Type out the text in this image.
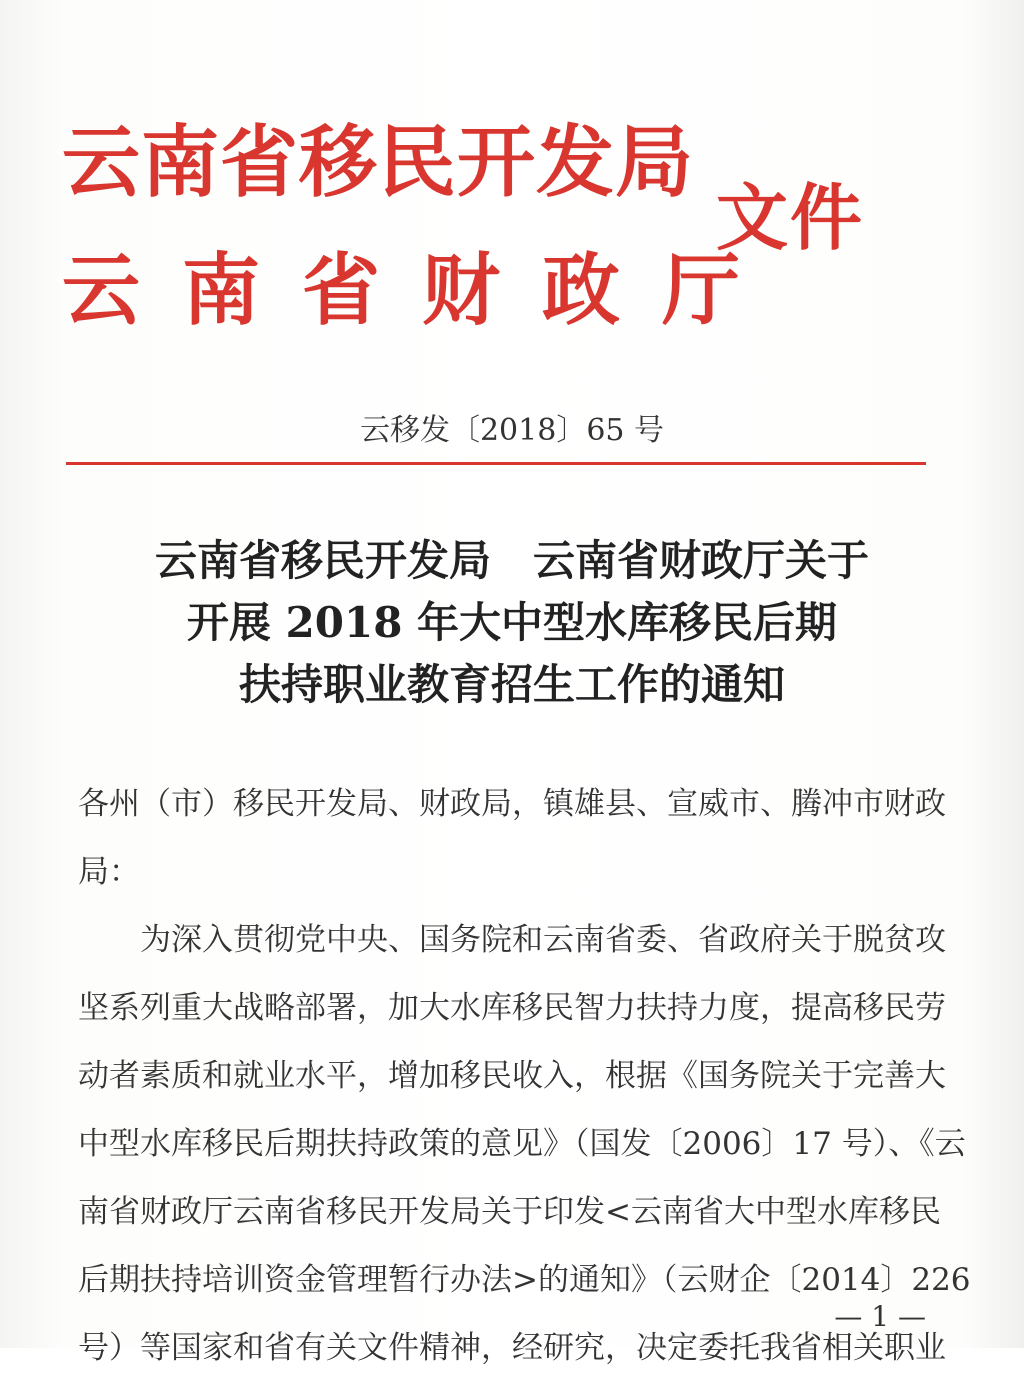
云南省移民开发局
云南省财政厅
文件
云移发〔2018〕65 号
云南省移民开发局　云南省财政厅关于
开展 2018 年大中型水库移民后期
扶持职业教育招生工作的通知
各州（市）移民开发局、财政局，镇雄县、宣威市、腾冲市财政
局：
为深入贯彻党中央、国务院和云南省委、省政府关于脱贫攻
坚系列重大战略部署，加大水库移民智力扶持力度，提高移民劳
动者素质和就业水平，增加移民收入，根据《国务院关于完善大
中型水库移民后期扶持政策的意见》（国发〔2006〕17 号）、《云
南省财政厅云南省移民开发局关于印发<云南省大中型水库移民
后期扶持培训资金管理暂行办法>的通知》（云财企〔2014〕226
号）等国家和省有关文件精神，经研究，决定委托我省相关职业
— 1 —
